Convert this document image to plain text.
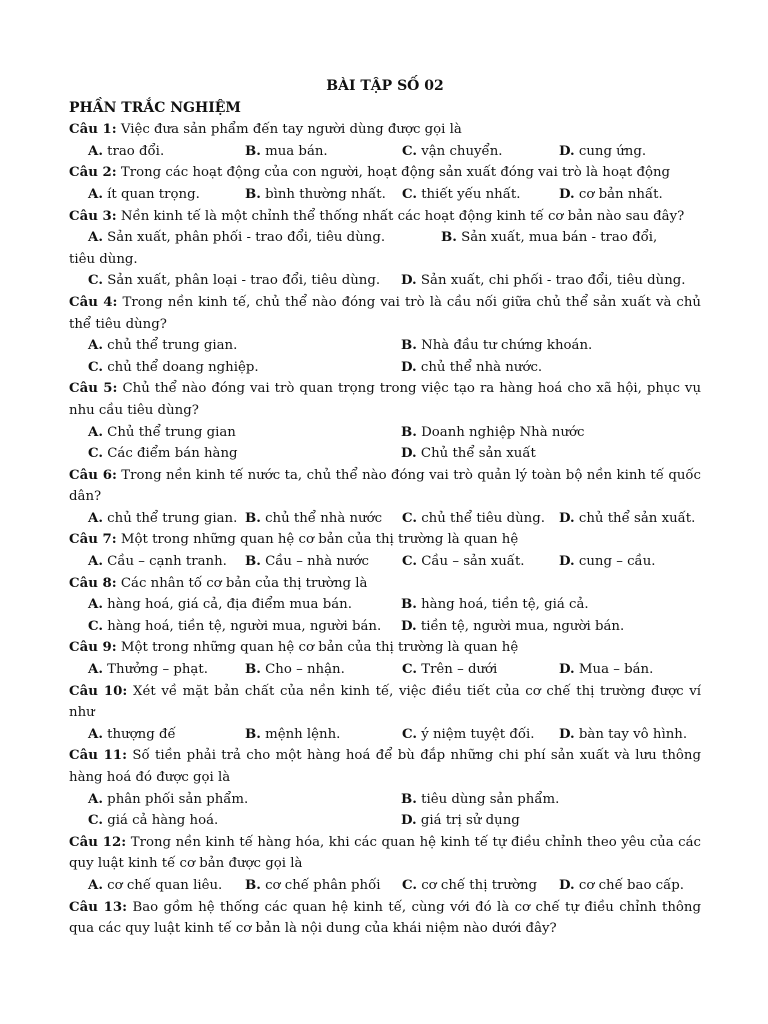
BÀI TẬP SỐ 02
PHẦN TRẮC NGHIỆM
Câu 1: Việc đưa sản phẩm đến tay người dùng được gọi là
A. trao đổi.	B. mua bán.	C. vận chuyển.	D. cung ứng.
Câu 2: Trong các hoạt động của con người, hoạt động sản xuất đóng vai trò là hoạt động
A. ít quan trọng.	B. bình thường nhất.	C. thiết yếu nhất.	D. cơ bản nhất.
Câu 3: Nền kinh tế là một chỉnh thể thống nhất các hoạt động kinh tế cơ bản nào sau đây?
A. Sản xuất, phân phối - trao đổi, tiêu dùng.	B. Sản xuất, mua bán - trao đổi,
tiêu dùng.
C. Sản xuất, phân loại - trao đổi, tiêu dùng.	D. Sản xuất, chi phối - trao đổi, tiêu dùng.
Câu 4: Trong nền kinh tế, chủ thể nào đóng vai trò là cầu nối giữa chủ thể sản xuất và chủ thể tiêu dùng?
A. chủ thể trung gian.	B. Nhà đầu tư chứng khoán.
C. chủ thể doang nghiệp.	D. chủ thể nhà nước.
Câu 5: Chủ thể nào đóng vai trò quan trọng trong việc tạo ra hàng hoá cho xã hội, phục vụ nhu cầu tiêu dùng?
A. Chủ thể trung gian	B. Doanh nghiệp Nhà nước
C. Các điểm bán hàng	D. Chủ thể sản xuất
Câu 6: Trong nền kinh tế nước ta, chủ thể nào đóng vai trò quản lý toàn bộ nền kinh tế quốc dân?
A. chủ thể trung gian. B. chủ thể nhà nước	C. chủ thể tiêu dùng.	D. chủ thể sản xuất.
Câu 7: Một trong những quan hệ cơ bản của thị trường là quan hệ
A. Cầu – cạnh tranh.	B. Cầu – nhà nước	C. Cầu – sản xuất.	D. cung – cầu.
Câu 8: Các nhân tố cơ bản của thị trường là
A. hàng hoá, giá cả, địa điểm mua bán.	B. hàng hoá, tiền tệ, giá cả.
C. hàng hoá, tiền tệ, người mua, người bán.	D. tiền tệ, người mua, người bán.
Câu 9: Một trong những quan hệ cơ bản của thị trường là quan hệ
A. Thưởng – phạt.	B. Cho – nhận.	C. Trên – dưới	D. Mua – bán.
Câu 10: Xét về mặt bản chất của nền kinh tế, việc điều tiết của cơ chế thị trường được ví như
A. thượng đế	B. mệnh lệnh.	C. ý niệm tuyệt đối.	D. bàn tay vô hình.
Câu 11: Số tiền phải trả cho một hàng hoá để bù đắp những chi phí sản xuất và lưu thông hàng hoá đó được gọi là
A. phân phối sản phẩm.	B. tiêu dùng sản phẩm.
C. giá cả hàng hoá.	D. giá trị sử dụng
Câu 12: Trong nền kinh tế hàng hóa, khi các quan hệ kinh tế tự điều chỉnh theo yêu của các quy luật kinh tế cơ bản được gọi là
A. cơ chế quan liêu.	B. cơ chế phân phối	C. cơ chế thị trường	D. cơ chế bao cấp.
Câu 13: Bao gồm hệ thống các quan hệ kinh tế, cùng với đó là cơ chế tự điều chỉnh thông qua các quy luật kinh tế cơ bản là nội dung của khái niệm nào dưới đây?
